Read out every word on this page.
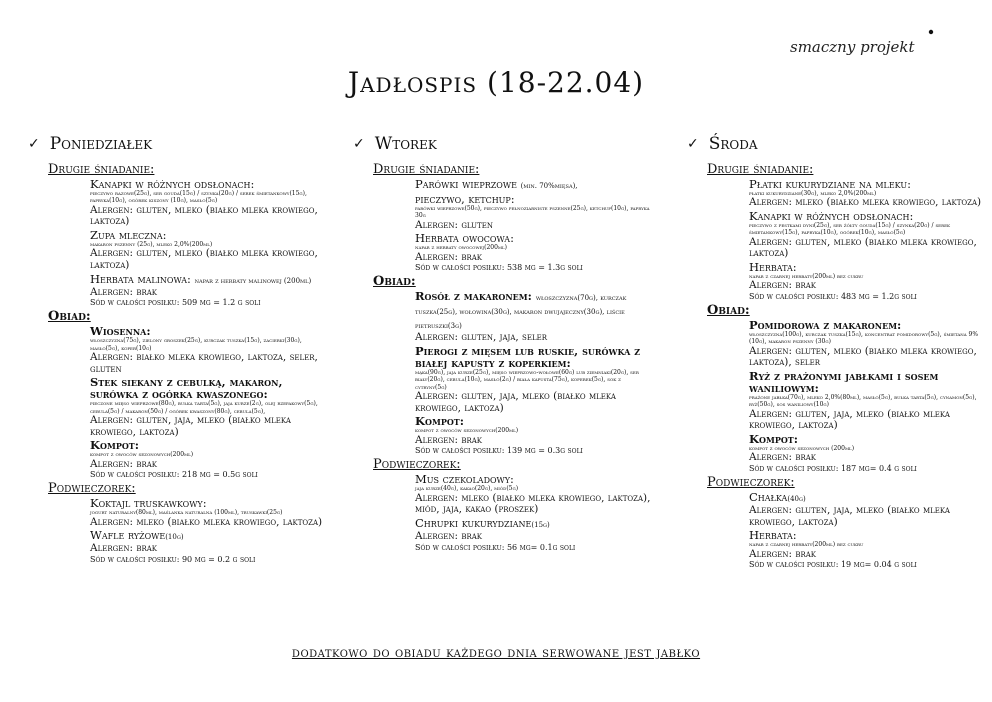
smaczny projekt
Jadłospis (18-22.04)
✓ Poniedziałek
Drugie śniadanie:
Kanapki w różnych odsłonach:
pieczywo razowe(25g), ser gouda(15g) / szynka(20g) / serek śmietankowy(15g), papryka(10g), ogórek kiszony (10g), masło(5g)
Alergen: gluten, mleko (białko mleka krowiego, laktoza)
Zupa mleczna:
makaron pszenny (25g), mleko 2,0%(200ml)
Alergen: gluten, mleko (białko mleka krowiego, laktoza)
Herbata malinowa: napar z herbaty malinowej (200ml)
Alergen: brak
Sód w całości posiłku: 509 mg = 1.2 g soli
Obiad:
Wiosenna:
włoszczyzna(75g), zielony groszek(25g), kurczak tuszka(15g), zacierki(30g), masło(5g), koper(10g)
Alergen: białko mleka krowiego, laktoza, seler, gluten
Stek siekany z cebulką, makaron, surówka z ogórka kwaszonego:
pieczone mięso wieprzowe(80g), bułka tarta(5g), jaja kurze(2g), olej rzepakowy(5g), cebula(5g) / makaron(50g) / ogórek kwaszony(80g), cebula(5g),
Alergen: gluten, jaja, mleko (białko mleka krowiego, laktoza)
Kompot:
kompot z owoców sezonowych(200ml)
Alergen: brak
Sód w całości posiłku: 218 mg = 0.5g soli
Podwieczorek:
Koktajl truskawkowy:
jogurt naturalny(80ml), maślanka naturalna (100ml), truskawki(25g)
Alergen: mleko (białko mleka krowiego, laktoza)
Wafle ryżowe(10g)
Alergen: brak
Sód w całości posiłku: 90 mg = 0.2 g soli
✓ Wtorek
Drugie śniadanie:
Parówki wieprzowe (min. 70%mięsa),
pieczywo, ketchup:
parówki wieprzowe(50g), pieczywo pełnoziarniste pszenne(25g), ketchup(10g), papryka 30g
Alergen: gluten
Herbata owocowa:
napar z herbaty owocowej(200ml)
Alergen: brak
Sód w całości posiłku: 538 mg = 1.3g soli
Obiad:
Rosół z makaronem: włoszczyzna(70g), kurczak tuszka(25g), wołowina(30g), makaron dwujajeczny(30g), liście pietruszki(3g)
Alergen: gluten, jaja, seler
Pierogi z mięsem lub ruskie, surówka z białej kapusty z koperkiem:
mąka(90g), jaja kurze(25g), mięso wieprzowo-wołowe(60g) lub ziemniaki(20g), ser biały(20g), cebula(10g), masło(2g) / biała kapusta(75g), koperek(5g), sok z cytryny(5g)
Alergen: gluten, jaja, mleko (białko mleka krowiego, laktoza)
Kompot:
kompot z owoców sezonowych(200ml)
Alergen: brak
Sód w całości posiłku: 139 mg = 0.3g soli
Podwieczorek:
Mus czekoladowy:
jaja kurze(40g), kakao(20g), miód(5g)
Alergen: mleko (białko mleka krowiego, laktoza), miód, jaja, kakao (proszek)
Chrupki kukurydziane(15g)
Alergen: brak
Sód w całości posiłku: 56 mg= 0.1g soli
✓ Środa
Drugie śniadanie:
Płatki kukurydziane na mleku:
płatki kukurydziane(30g), mleko 2,0%(200ml)
Alergen: mleko (białko mleka krowiego, laktoza)
Kanapki w różnych odsłonach:
pieczywo z pestkami dyni(25g), ser żółty gouda(15g) / szynka(20g) / serek śmietankowy(15g), papryka(10g), ogórek(10g), masło(5g)
Alergen: gluten, mleko (białko mleka krowiego, laktoza)
Herbata:
napar z czarnej herbaty(200ml) bez cukru
Alergen: brak
Sód w całości posiłku: 483 mg = 1.2g soli
Obiad:
Pomidorowa z makaronem:
włoszczyzna(100g), kurczak tuszka(15g), koncentrat pomidorowy(5g), śmietana 9%(10g), makaron pszenny (30g)
Alergen: gluten, mleko (białko mleka krowiego, laktoza), seler
Ryż z prażonymi jabłkami i sosem waniliowym:
prażone jabłka(70g), mleko 2,0%(80ml), masło(5g), bułka tarta(5g), cynamon(5g), ryż(50g), sos waniliowy(10g)
Alergen: gluten, jaja, mleko (białko mleka krowiego, laktoza)
Kompot:
kompot z owoców sezonowych (200ml)
Alergen: brak
Sód w całości posiłku: 187 mg= 0.4 g soli
Podwieczorek:
Chałka(40g)
Alergen: gluten, jaja, mleko (białko mleka krowiego, laktoza)
Herbata:
napar z czarnej herbaty(200ml) bez cukru
Alergen: brak
Sód w całości posiłku: 19 mg= 0.04 g soli
dodatkowo do obiadu każdego dnia serwowane jest jabłko
